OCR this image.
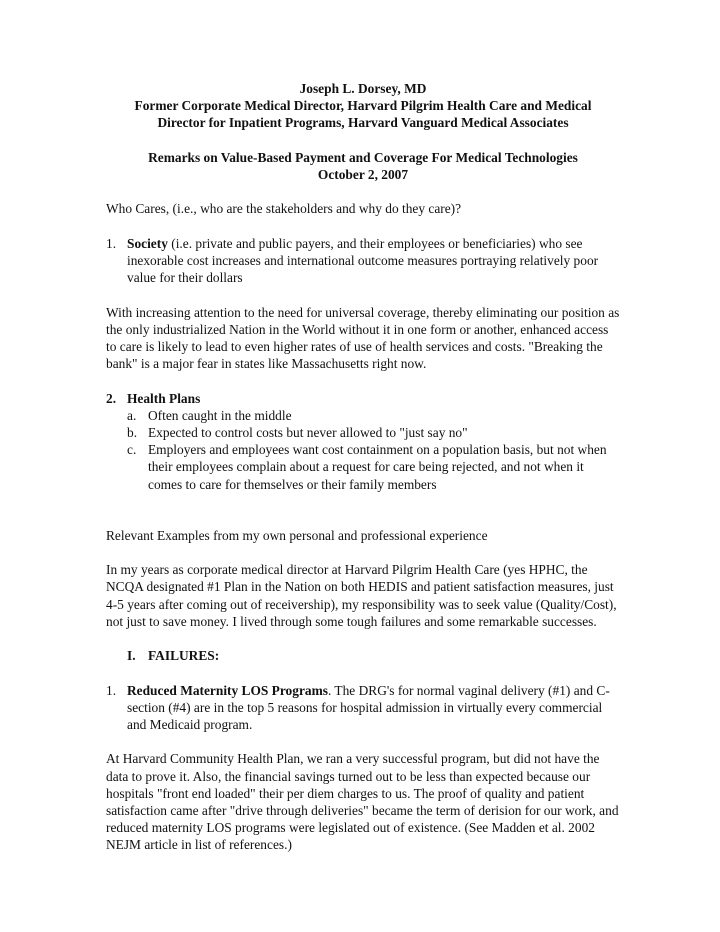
Joseph L. Dorsey, MD

Former Corporate Medical Director, Harvard Pilgrim Health Care and Medical

Director for Inpatient Programs, Harvard Vanguard Medical Associates

Remarks on Value-Based Payment and Coverage For Medical Technologies

October 2, 2007

Who Cares, (i.e., who are the stakeholders and why do they care)?

1. Society (i.e. private and public payers, and their employees or beneficiaries) who see inexorable cost increases and international outcome measures portraying relatively poor value for their dollars

With increasing attention to the need for universal coverage, thereby eliminating our position as the only industrialized Nation in the World without it in one form or another, enhanced access to care is likely to lead to even higher rates of use of health services and costs. "Breaking the bank" is a major fear in states like Massachusetts right now.

2. Health Plans
a. Often caught in the middle
b. Expected to control costs but never allowed to "just say no"
c. Employers and employees want cost containment on a population basis, but not when their employees complain about a request for care being rejected, and not when it comes to care for themselves or their family members

Relevant Examples from my own personal and professional experience

In my years as corporate medical director at Harvard Pilgrim Health Care (yes HPHC, the NCQA designated #1 Plan in the Nation on both HEDIS and patient satisfaction measures, just 4-5 years after coming out of receivership), my responsibility was to seek value (Quality/Cost), not just to save money. I lived through some tough failures and some remarkable successes.

I. FAILURES:
1. Reduced Maternity LOS Programs. The DRG's for normal vaginal delivery (#1) and C-section (#4) are in the top 5 reasons for hospital admission in virtually every commercial and Medicaid program.

At Harvard Community Health Plan, we ran a very successful program, but did not have the data to prove it. Also, the financial savings turned out to be less than expected because our hospitals "front end loaded" their per diem charges to us. The proof of quality and patient satisfaction came after "drive through deliveries" became the term of derision for our work, and reduced maternity LOS programs were legislated out of existence. (See Madden et al. 2002 NEJM article in list of references.)
